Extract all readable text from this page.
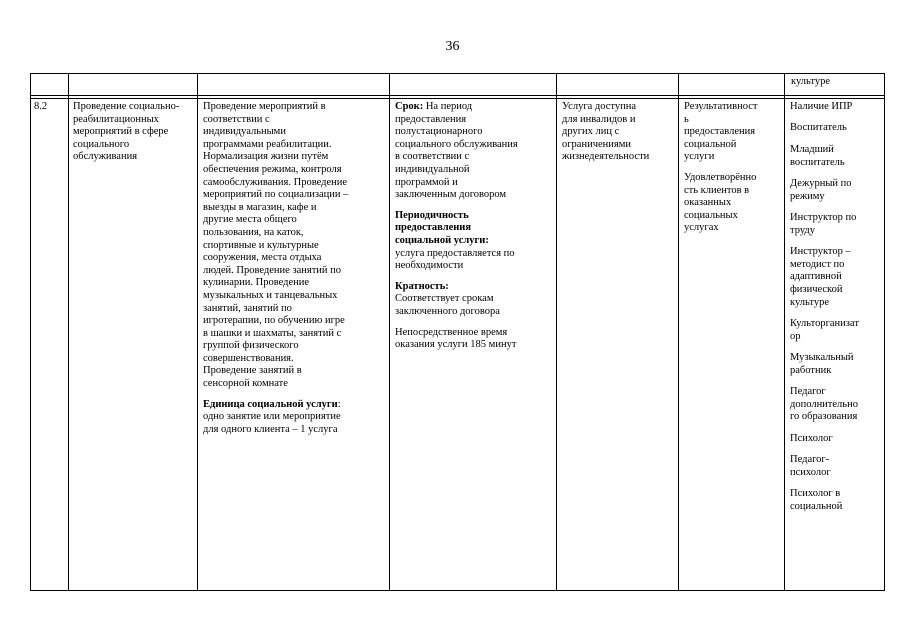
36

культуре

8.2 Проведение социально-реабилитационных мероприятий в сфере социального обслуживания

Проведение мероприятий в

соответствии с

индивидуальными

программами реабилитации.

Нормализация жизни путём

обеспечения режима, контроля

самообслуживания. Проведение

мероприятий по социализации –

выезды в магазин, кафе и

другие места общего

пользования, на каток,

спортивные и культурные

сооружения, места отдыха

людей. Проведение занятий по

кулинарии. Проведение

музыкальных и танцевальных

занятий, занятий по

игротерапии, по обучению игре

в шашки и шахматы, занятий с

группой физического

совершенствования.

Проведение занятий в

сенсорной комнате

Единица социальной услуги:

одно занятие или мероприятие

для одного клиента – 1 услуга

Срок: На период

предоставления

полустационарного

социального обслуживания

в соответствии с

индивидуальной

программой и

заключенным договором

Периодичность

предоставления

социальной услуги:

услуга предоставляется по

необходимости

Кратность:

Соответствует срокам

заключенного договора

Непосредственное время

оказания услуги 185 минут

Услуга доступна

для инвалидов и

других лиц с

ограничениями

жизнедеятельности

Результативност

ь

предоставления

социальной

услуги

Удовлетворённо

сть клиентов в

оказанных

социальных

услугах

Наличие ИПР

Воспитатель

Младший
воспитатель

Дежурный по
режиму

Инструктор по
труду

Инструктор –
методист по
адаптивной
физической
культуре

Культорганизат
ор

Музыкальный
работник

Педагог
дополнительно
го образования

Психолог

Педагог-
психолог

Психолог в
социальной
